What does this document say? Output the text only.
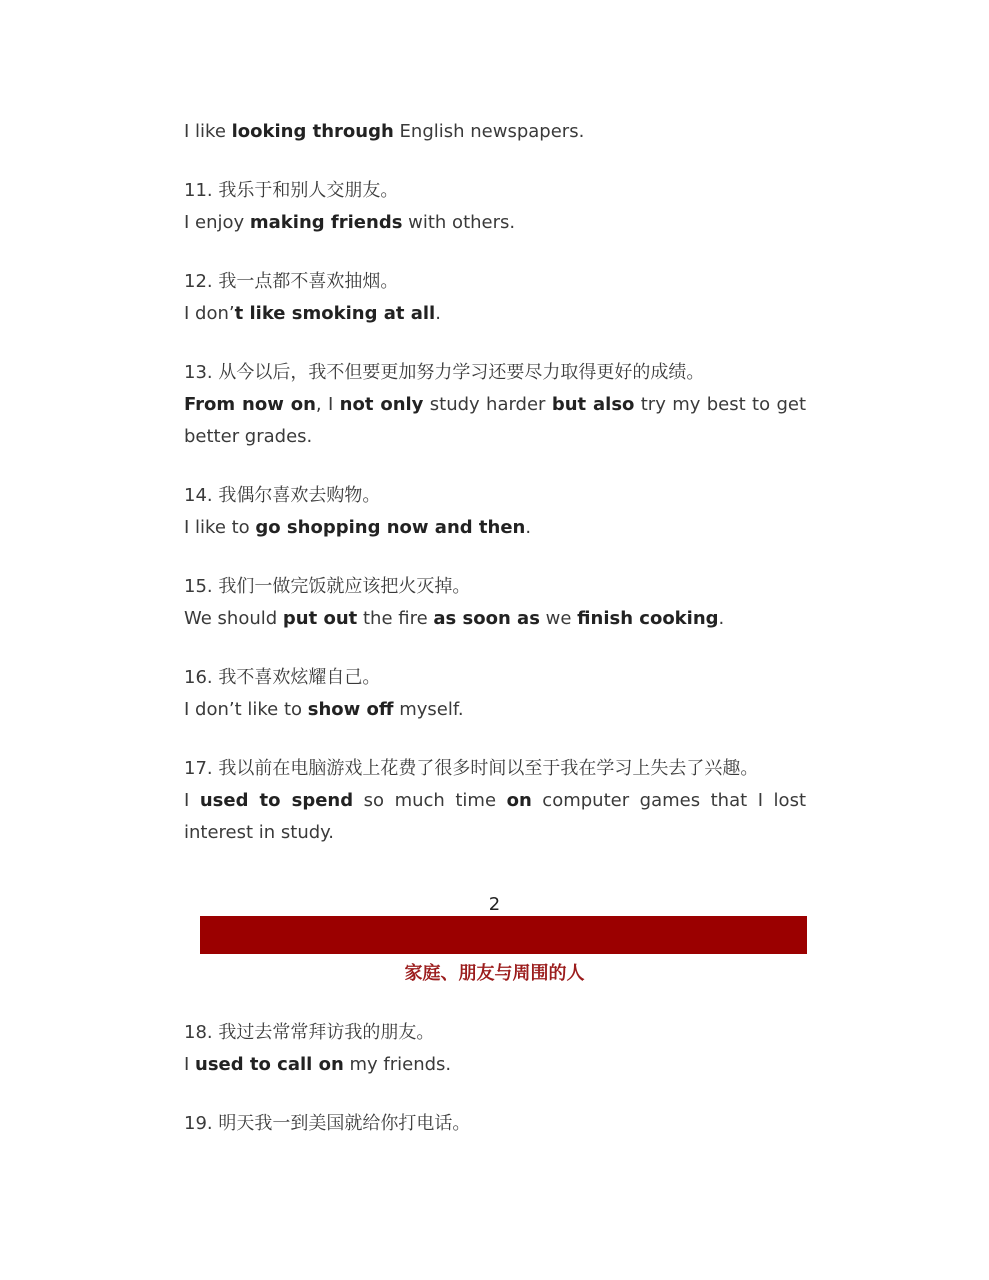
I like looking through English newspapers.
11. 我乐于和别人交朋友。
I enjoy making friends with others.
12. 我一点都不喜欢抽烟。
I don’t like smoking at all.
13. 从今以后，我不但要更加努力学习还要尽力取得更好的成绩。
From now on, I not only study harder but also try my best to get
better grades.
14. 我偶尔喜欢去购物。
I like to go shopping now and then.
15. 我们一做完饭就应该把火灭掉。
We should put out the fire as soon as we finish cooking.
16. 我不喜欢炫耀自己。
I don’t like to show off myself.
17. 我以前在电脑游戏上花费了很多时间以至于我在学习上失去了兴趣。
I used to spend so much time on computer games that I lost
interest in study.
18. 我过去常常拜访我的朋友。
I used to call on my friends.
19. 明天我一到美国就给你打电话。
2
家庭、朋友与周围的人
